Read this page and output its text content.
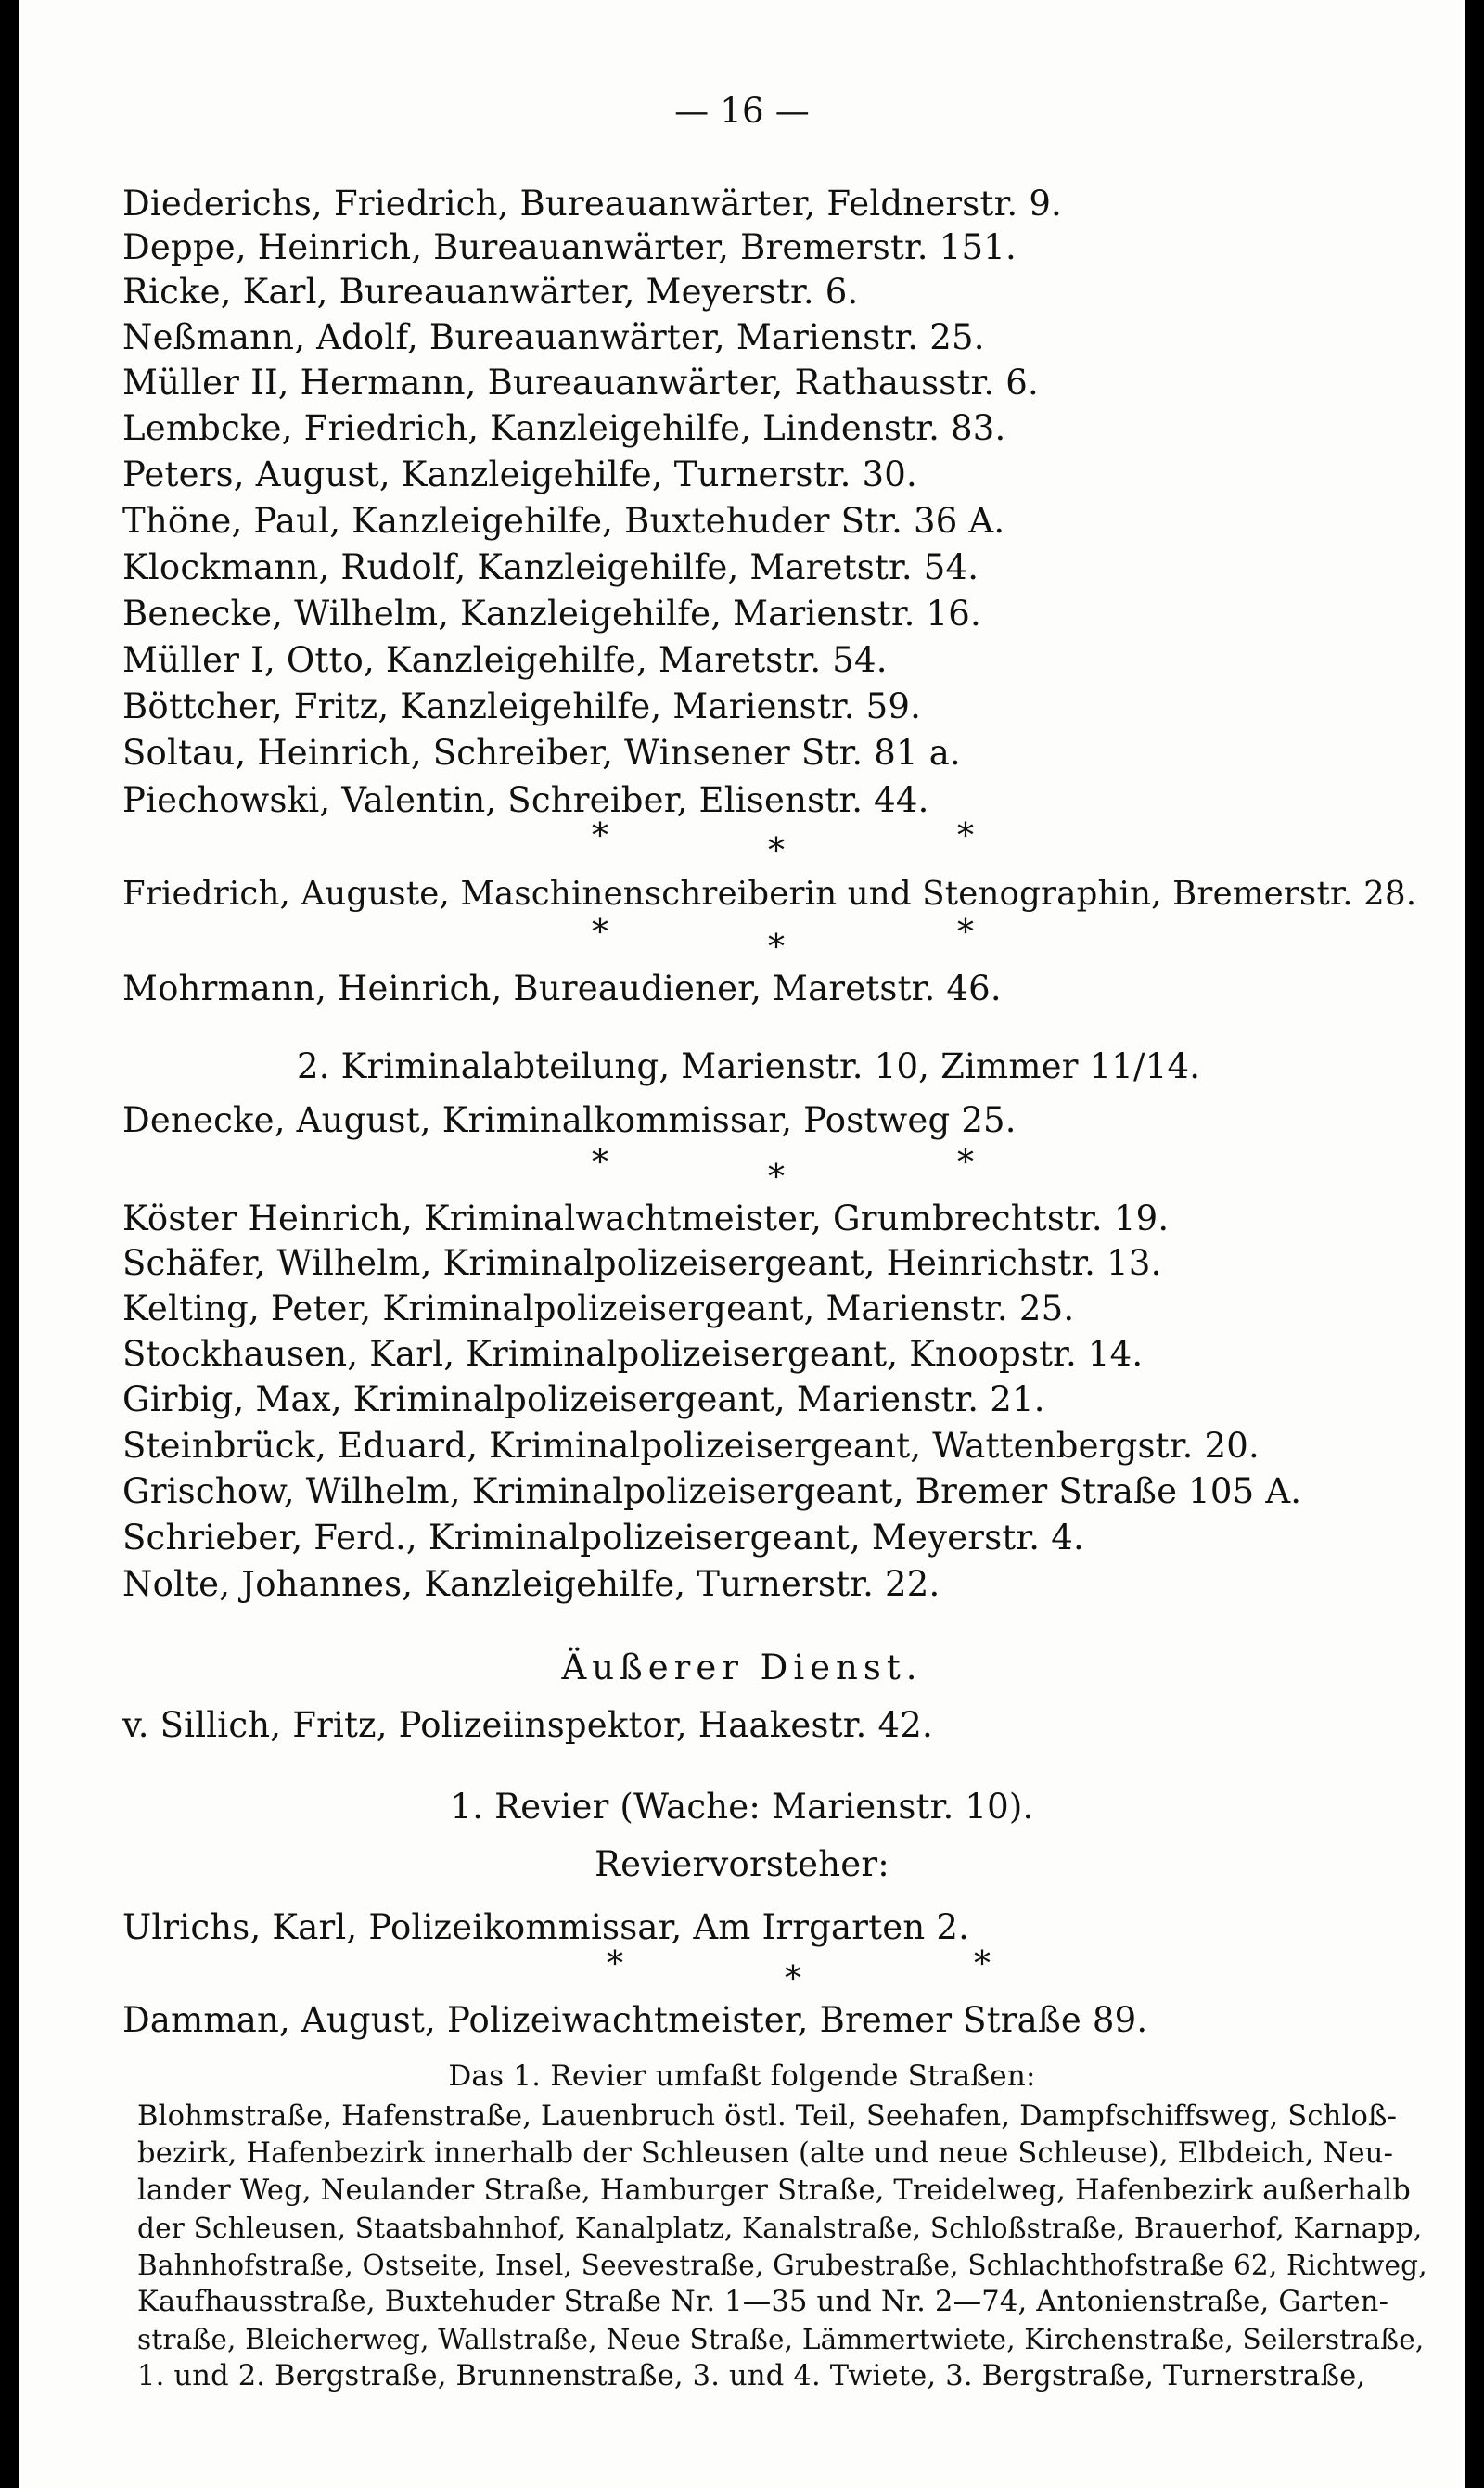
— 16 —
Diederichs, Friedrich, Bureauanwärter, Feldnerstr. 9.
Deppe, Heinrich, Bureauanwärter, Bremerstr. 151.
Ricke, Karl, Bureauanwärter, Meyerstr. 6.
Neßmann, Adolf, Bureauanwärter, Marienstr. 25.
Müller II, Hermann, Bureauanwärter, Rathausstr. 6.
Lembcke, Friedrich, Kanzleigehilfe, Lindenstr. 83.
Peters, August, Kanzleigehilfe, Turnerstr. 30.
Thöne, Paul, Kanzleigehilfe, Buxtehuder Str. 36 A.
Klockmann, Rudolf, Kanzleigehilfe, Maretstr. 54.
Benecke, Wilhelm, Kanzleigehilfe, Marienstr. 16.
Müller I, Otto, Kanzleigehilfe, Maretstr. 54.
Böttcher, Fritz, Kanzleigehilfe, Marienstr. 59.
Soltau, Heinrich, Schreiber, Winsener Str. 81 a.
Piechowski, Valentin, Schreiber, Elisenstr. 44.
*	*	*
Friedrich, Auguste, Maschinenschreiberin und Stenographin, Bremerstr. 28.
*	*	*
Mohrmann, Heinrich, Bureaudiener, Maretstr. 46.
2. Kriminalabteilung, Marienstr. 10, Zimmer 11/14.
Denecke, August, Kriminalkommissar, Postweg 25.
*	*	*
Köster Heinrich, Kriminalwachtmeister, Grumbrechtstr. 19.
Schäfer, Wilhelm, Kriminalpolizeisergeant, Heinrichstr. 13.
Kelting, Peter, Kriminalpolizeisergeant, Marienstr. 25.
Stockhausen, Karl, Kriminalpolizeisergeant, Knoopstr. 14.
Girbig, Max, Kriminalpolizeisergeant, Marienstr. 21.
Steinbrück, Eduard, Kriminalpolizeisergeant, Wattenbergstr. 20.
Grischow, Wilhelm, Kriminalpolizeisergeant, Bremer Straße 105 A.
Schrieber, Ferd., Kriminalpolizeisergeant, Meyerstr. 4.
Nolte, Johannes, Kanzleigehilfe, Turnerstr. 22.
Äußerer Dienst.
v. Sillich, Fritz, Polizeiinspektor, Haakestr. 42.
1. Revier (Wache: Marienstr. 10).
Reviervorsteher:
Ulrichs, Karl, Polizeikommissar, Am Irrgarten 2.
*	*	*
Damman, August, Polizeiwachtmeister, Bremer Straße 89.
Das 1. Revier umfaßt folgende Straßen:
Blohmstraße, Hafenstraße, Lauenbruch östl. Teil, Seehafen, Dampfschiffsweg, Schloß-
bezirk, Hafenbezirk innerhalb der Schleusen (alte und neue Schleuse), Elbdeich, Neu-
lander Weg, Neulander Straße, Hamburger Straße, Treidelweg, Hafenbezirk außerhalb
der Schleusen, Staatsbahnhof, Kanalplatz, Kanalstraße, Schloßstraße, Brauerhof, Karnapp,
Bahnhofstraße, Ostseite, Insel, Seevestraße, Grubestraße, Schlachthofstraße 62, Richtweg,
Kaufhausstraße, Buxtehuder Straße Nr. 1—35 und Nr. 2—74, Antonienstraße, Garten-
straße, Bleicherweg, Wallstraße, Neue Straße, Lämmertwiete, Kirchenstraße, Seilerstraße,
1. und 2. Bergstraße, Brunnenstraße, 3. und 4. Twiete, 3. Bergstraße, Turnerstraße,
